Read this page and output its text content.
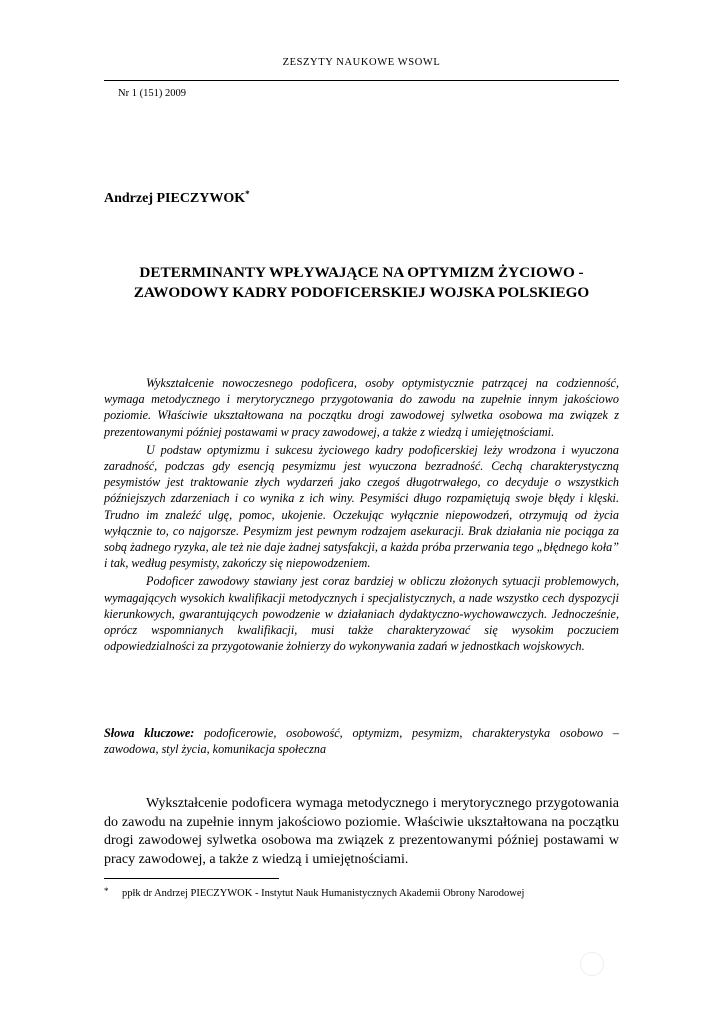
ZESZYTY NAUKOWE WSOWL
Nr 1 (151) 2009
Andrzej PIECZYWOK*
DETERMINANTY WPŁYWAJĄCE NA OPTYMIZM ŻYCIOWO -
ZAWODOWY KADRY PODOFICERSKIEJ WOJSKA POLSKIEGO

Wykształcenie nowoczesnego podoficera, osoby optymistycznie patrzącej na codzienność, wymaga metodycznego i merytorycznego przygotowania do zawodu na zupełnie innym jakościowo poziomie. Właściwie ukształtowana na początku drogi zawodowej sylwetka osobowa ma związek z prezentowanymi później postawami w pracy zawodowej, a także z wiedzą i umiejętnościami.

U podstaw optymizmu i sukcesu życiowego kadry podoficerskiej leży wrodzona i wyuczona zaradność, podczas gdy esencją pesymizmu jest wyuczona bezradność. Cechą charakterystyczną pesymistów jest traktowanie złych wydarzeń jako czegoś długotrwałego, co decyduje o wszystkich późniejszych zdarzeniach i co wynika z ich winy. Pesymiści długo rozpamiętują swoje błędy i klęski. Trudno im znaleźć ulgę, pomoc, ukojenie. Oczekując wyłącznie niepowodzeń, otrzymują od życia wyłącznie to, co najgorsze. Pesymizm jest pewnym rodzajem asekuracji. Brak działania nie pociąga za sobą żadnego ryzyka, ale też nie daje żadnej satysfakcji, a każda próba przerwania tego „błędnego koła” i tak, według pesymisty, zakończy się niepowodzeniem.

Podoficer zawodowy stawiany jest coraz bardziej w obliczu złożonych sytuacji problemowych, wymagających wysokich kwalifikacji metodycznych i specjalistycznych, a nade wszystko cech dyspozycji kierunkowych, gwarantujących powodzenie w działaniach dydaktyczno-wychowawczych. Jednocześnie, oprócz wspomnianych kwalifikacji, musi także charakteryzować się wysokim poczuciem odpowiedzialności za przygotowanie żołnierzy do wykonywania zadań w jednostkach wojskowych.

Słowa kluczowe: podoficerowie, osobowość, optymizm, pesymizm, charakterystyka osobowo – zawodowa, styl życia, komunikacja społeczna

Wykształcenie podoficera wymaga metodycznego i merytorycznego przygotowania do zawodu na zupełnie innym jakościowo poziomie. Właściwie ukształtowana na początku drogi zawodowej sylwetka osobowa ma związek z prezentowanymi później postawami w pracy zawodowej, a także z wiedzą i umiejętnościami.

* ppłk dr Andrzej PIECZYWOK - Instytut Nauk Humanistycznych Akademii Obrony Narodowej
